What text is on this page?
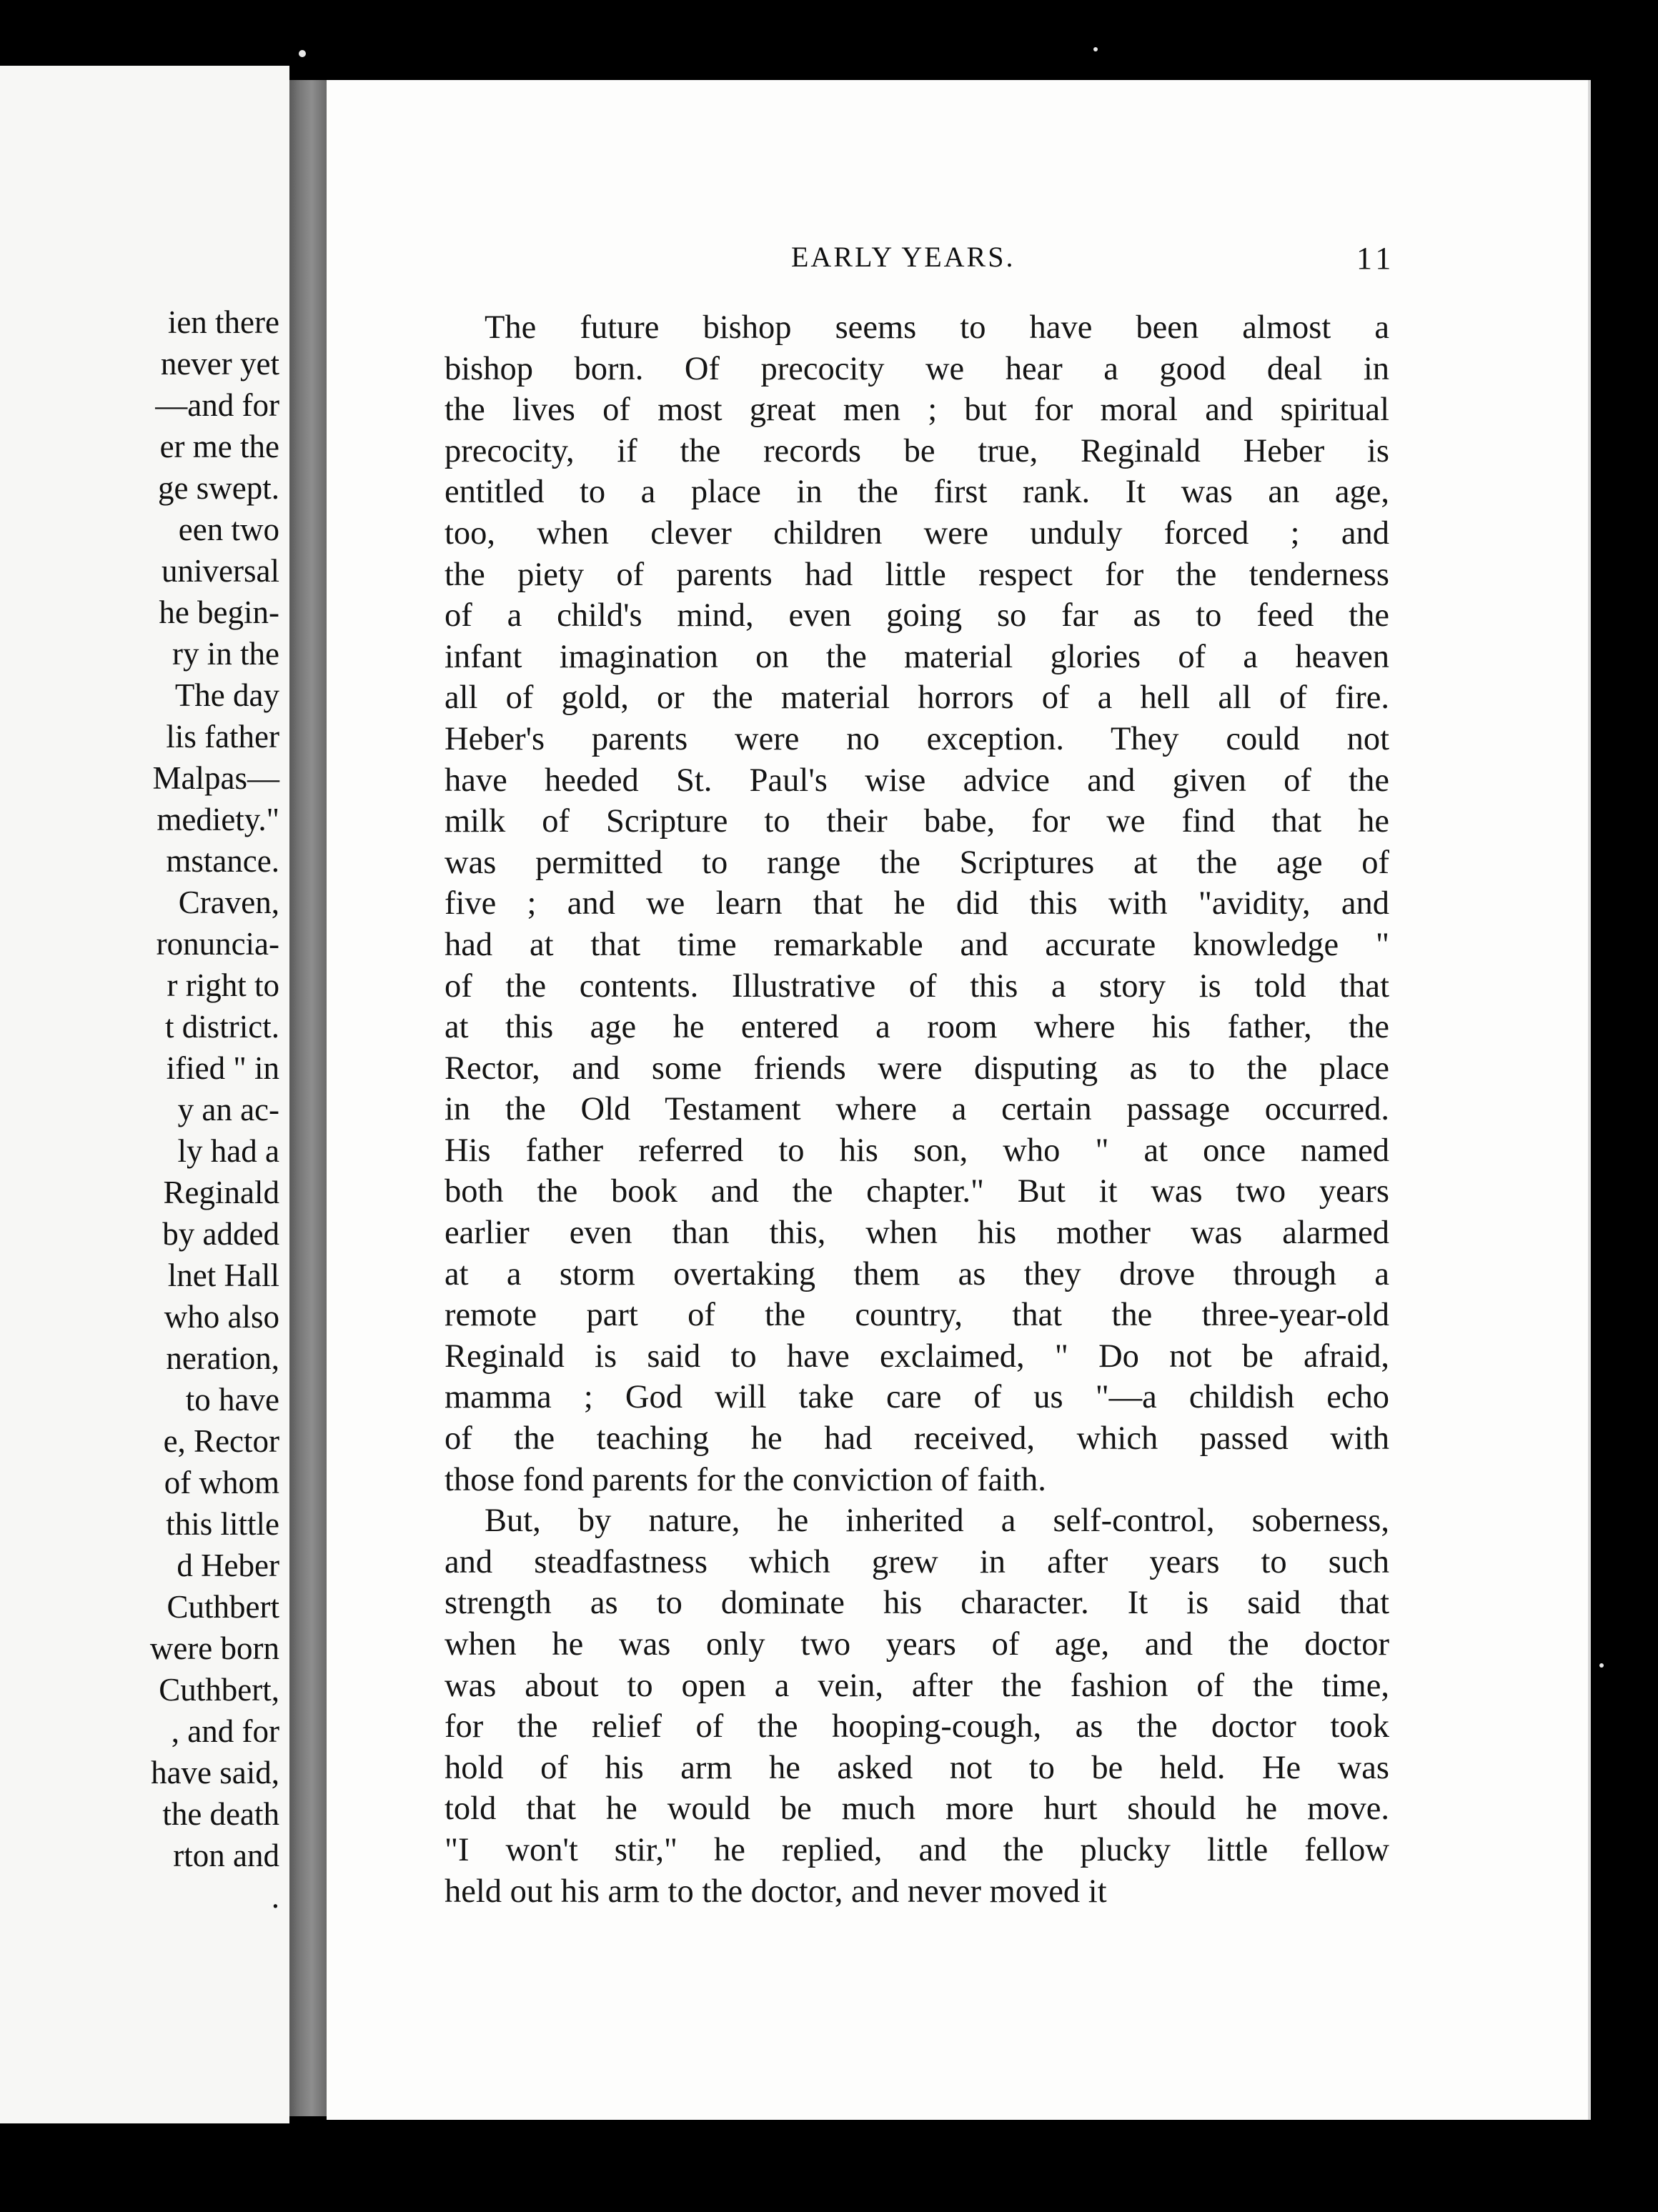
ien there
never yet
—and for
er me the
ge swept.
een two
universal
he begin-
ry in the
The day
lis father
Malpas—
mediety."
mstance.
Craven,
ronuncia-
r right to
t district.
ified " in
y an ac-
ly had a
Reginald
by added
lnet Hall
who also
neration,
to have
e, Rector
of whom
this little
d Heber
Cuthbert
were born
Cuthbert,
, and for
have said,
the death
rton and
.
EARLY YEARS.	11
The future bishop seems to have been almost a
bishop born. Of precocity we hear a good deal in
the lives of most great men ; but for moral and spiritual
precocity, if the records be true, Reginald Heber is
entitled to a place in the first rank. It was an age,
too, when clever children were unduly forced ; and
the piety of parents had little respect for the tenderness
of a child's mind, even going so far as to feed the
infant imagination on the material glories of a heaven
all of gold, or the material horrors of a hell all of fire.
Heber's parents were no exception. They could not
have heeded St. Paul's wise advice and given of the
milk of Scripture to their babe, for we find that he
was permitted to range the Scriptures at the age of
five ; and we learn that he did this with "avidity, and
had at that time remarkable and accurate knowledge "
of the contents. Illustrative of this a story is told that
at this age he entered a room where his father, the
Rector, and some friends were disputing as to the place
in the Old Testament where a certain passage occurred.
His father referred to his son, who " at once named
both the book and the chapter." But it was two years
earlier even than this, when his mother was alarmed
at a storm overtaking them as they drove through a
remote part of the country, that the three-year-old
Reginald is said to have exclaimed, " Do not be afraid,
mamma ; God will take care of us "—a childish echo
of the teaching he had received, which passed with
those fond parents for the conviction of faith.
But, by nature, he inherited a self-control, soberness,
and steadfastness which grew in after years to such
strength as to dominate his character. It is said that
when he was only two years of age, and the doctor
was about to open a vein, after the fashion of the time,
for the relief of the hooping-cough, as the doctor took
hold of his arm he asked not to be held. He was
told that he would be much more hurt should he move.
"I won't stir," he replied, and the plucky little fellow
held out his arm to the doctor, and never moved it
